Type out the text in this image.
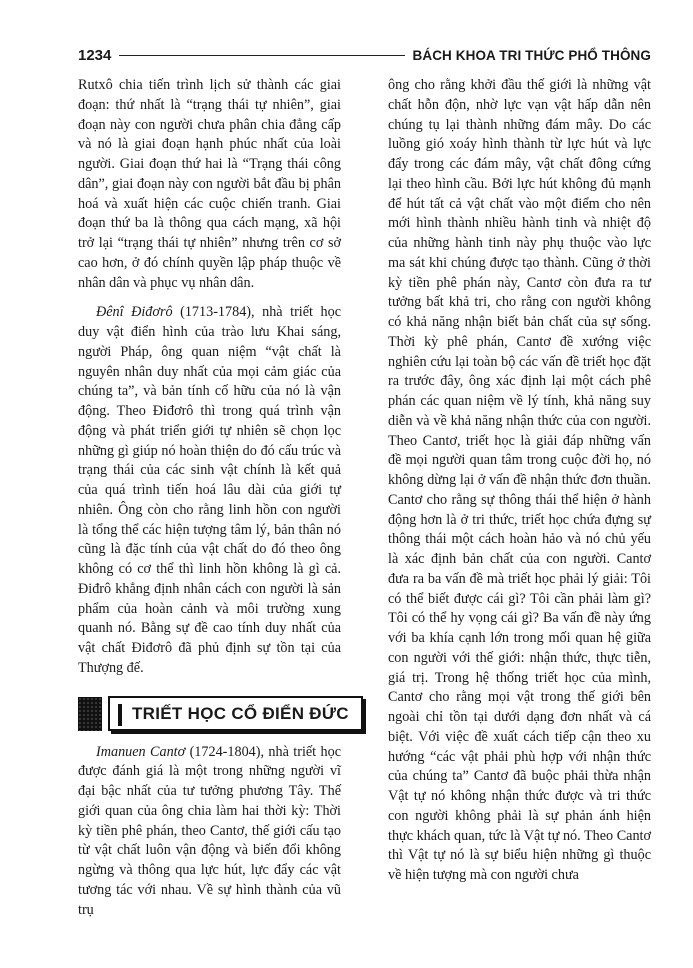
1234	BÁCH KHOA TRI THỨC PHỔ THÔNG

Rutxô chia tiến trình lịch sử thành các giai đoạn: thứ nhất là “trạng thái tự nhiên”, giai đoạn này con người chưa phân chia đẳng cấp và nó là giai đoạn hạnh phúc nhất của loài người. Giai đoạn thứ hai là “Trạng thái công dân”, giai đoạn này con người bắt đầu bị phân hoá và xuất hiện các cuộc chiến tranh. Giai đoạn thứ ba là thông qua cách mạng, xã hội trở lại “trạng thái tự nhiên” nhưng trên cơ sở cao hơn, ở đó chính quyền lập pháp thuộc về nhân dân và phục vụ nhân dân.

Đênî Điđơrô (1713-1784), nhà triết học duy vật điển hình của trào lưu Khai sáng, người Pháp, ông quan niệm “vật chất là nguyên nhân duy nhất của mọi cảm giác của chúng ta”, và bản tính cố hữu của nó là vận động. Theo Điđơrô thì trong quá trình vận động và phát triển giới tự nhiên sẽ chọn lọc những gì giúp nó hoàn thiện do đó cấu trúc và trạng thái của các sinh vật chính là kết quả của quá trình tiến hoá lâu dài của giới tự nhiên. Ông còn cho rằng linh hồn con người là tổng thể các hiện tượng tâm lý, bản thân nó cũng là đặc tính của vật chất do đó theo ông không có cơ thể thì linh hồn không là gì cả. Điđrô khẳng định nhân cách con người là sản phẩm của hoàn cảnh và môi trường xung quanh nó. Bằng sự đề cao tính duy nhất của vật chất Điđơrô đã phủ định sự tồn tại của Thượng đế.

TRIẾT HỌC CỔ ĐIỂN ĐỨC

Imanuen Cantơ (1724-1804), nhà triết học được đánh giá là một trong những người vĩ đại bậc nhất của tư tưởng phương Tây. Thế giới quan của ông chia làm hai thời kỳ: Thời kỳ tiền phê phán, theo Cantơ, thế giới cấu tạo từ vật chất luôn vận động và biến đổi không ngừng và thông qua lực hút, lực đẩy các vật tương tác với nhau. Về sự hình thành của vũ trụ

ông cho rằng khởi đầu thế giới là những vật chất hỗn độn, nhờ lực vạn vật hấp dẫn nên chúng tụ lại thành những đám mây. Do các luồng gió xoáy hình thành từ lực hút và lực đẩy trong các đám mây, vật chất đông cứng lại theo hình cầu. Bởi lực hút không đủ mạnh để hút tất cả vật chất vào một điểm cho nên mới hình thành nhiều hành tinh và nhiệt độ của những hành tinh này phụ thuộc vào lực ma sát khi chúng được tạo thành. Cũng ở thời kỳ tiền phê phán này, Cantơ còn đưa ra tư tưởng bất khả tri, cho rằng con người không có khả năng nhận biết bản chất của sự sống. Thời kỳ phê phán, Cantơ đề xướng việc nghiên cứu lại toàn bộ các vấn đề triết học đặt ra trước đây, ông xác định lại một cách phê phán các quan niệm về lý tính, khả năng suy diễn và về khả năng nhận thức của con người. Theo Cantơ, triết học là giải đáp những vấn đề mọi người quan tâm trong cuộc đời họ, nó không dừng lại ở vấn đề nhận thức đơn thuần. Cantơ cho rằng sự thông thái thể hiện ở hành động hơn là ở tri thức, triết học chứa đựng sự thông thái một cách hoàn hảo và nó chủ yếu là xác định bản chất của con người. Cantơ đưa ra ba vấn đề mà triết học phải lý giải: Tôi có thể biết được cái gì? Tôi cần phải làm gì? Tôi có thể hy vọng cái gì? Ba vấn đề này ứng với ba khía cạnh lớn trong mối quan hệ giữa con người với thế giới: nhận thức, thực tiễn, giá trị. Trong hệ thống triết học của mình, Cantơ cho rằng mọi vật trong thế giới bên ngoài chỉ tồn tại dưới dạng đơn nhất và cá biệt. Với việc đề xuất cách tiếp cận theo xu hướng “các vật phải phù hợp với nhận thức của chúng ta” Cantơ đã buộc phải thừa nhận Vật tự nó không nhận thức được và tri thức con người không phải là sự phản ánh hiện thực khách quan, tức là Vật tự nó. Theo Cantơ thì Vật tự nó là sự biểu hiện những gì thuộc về hiện tượng mà con người chưa
